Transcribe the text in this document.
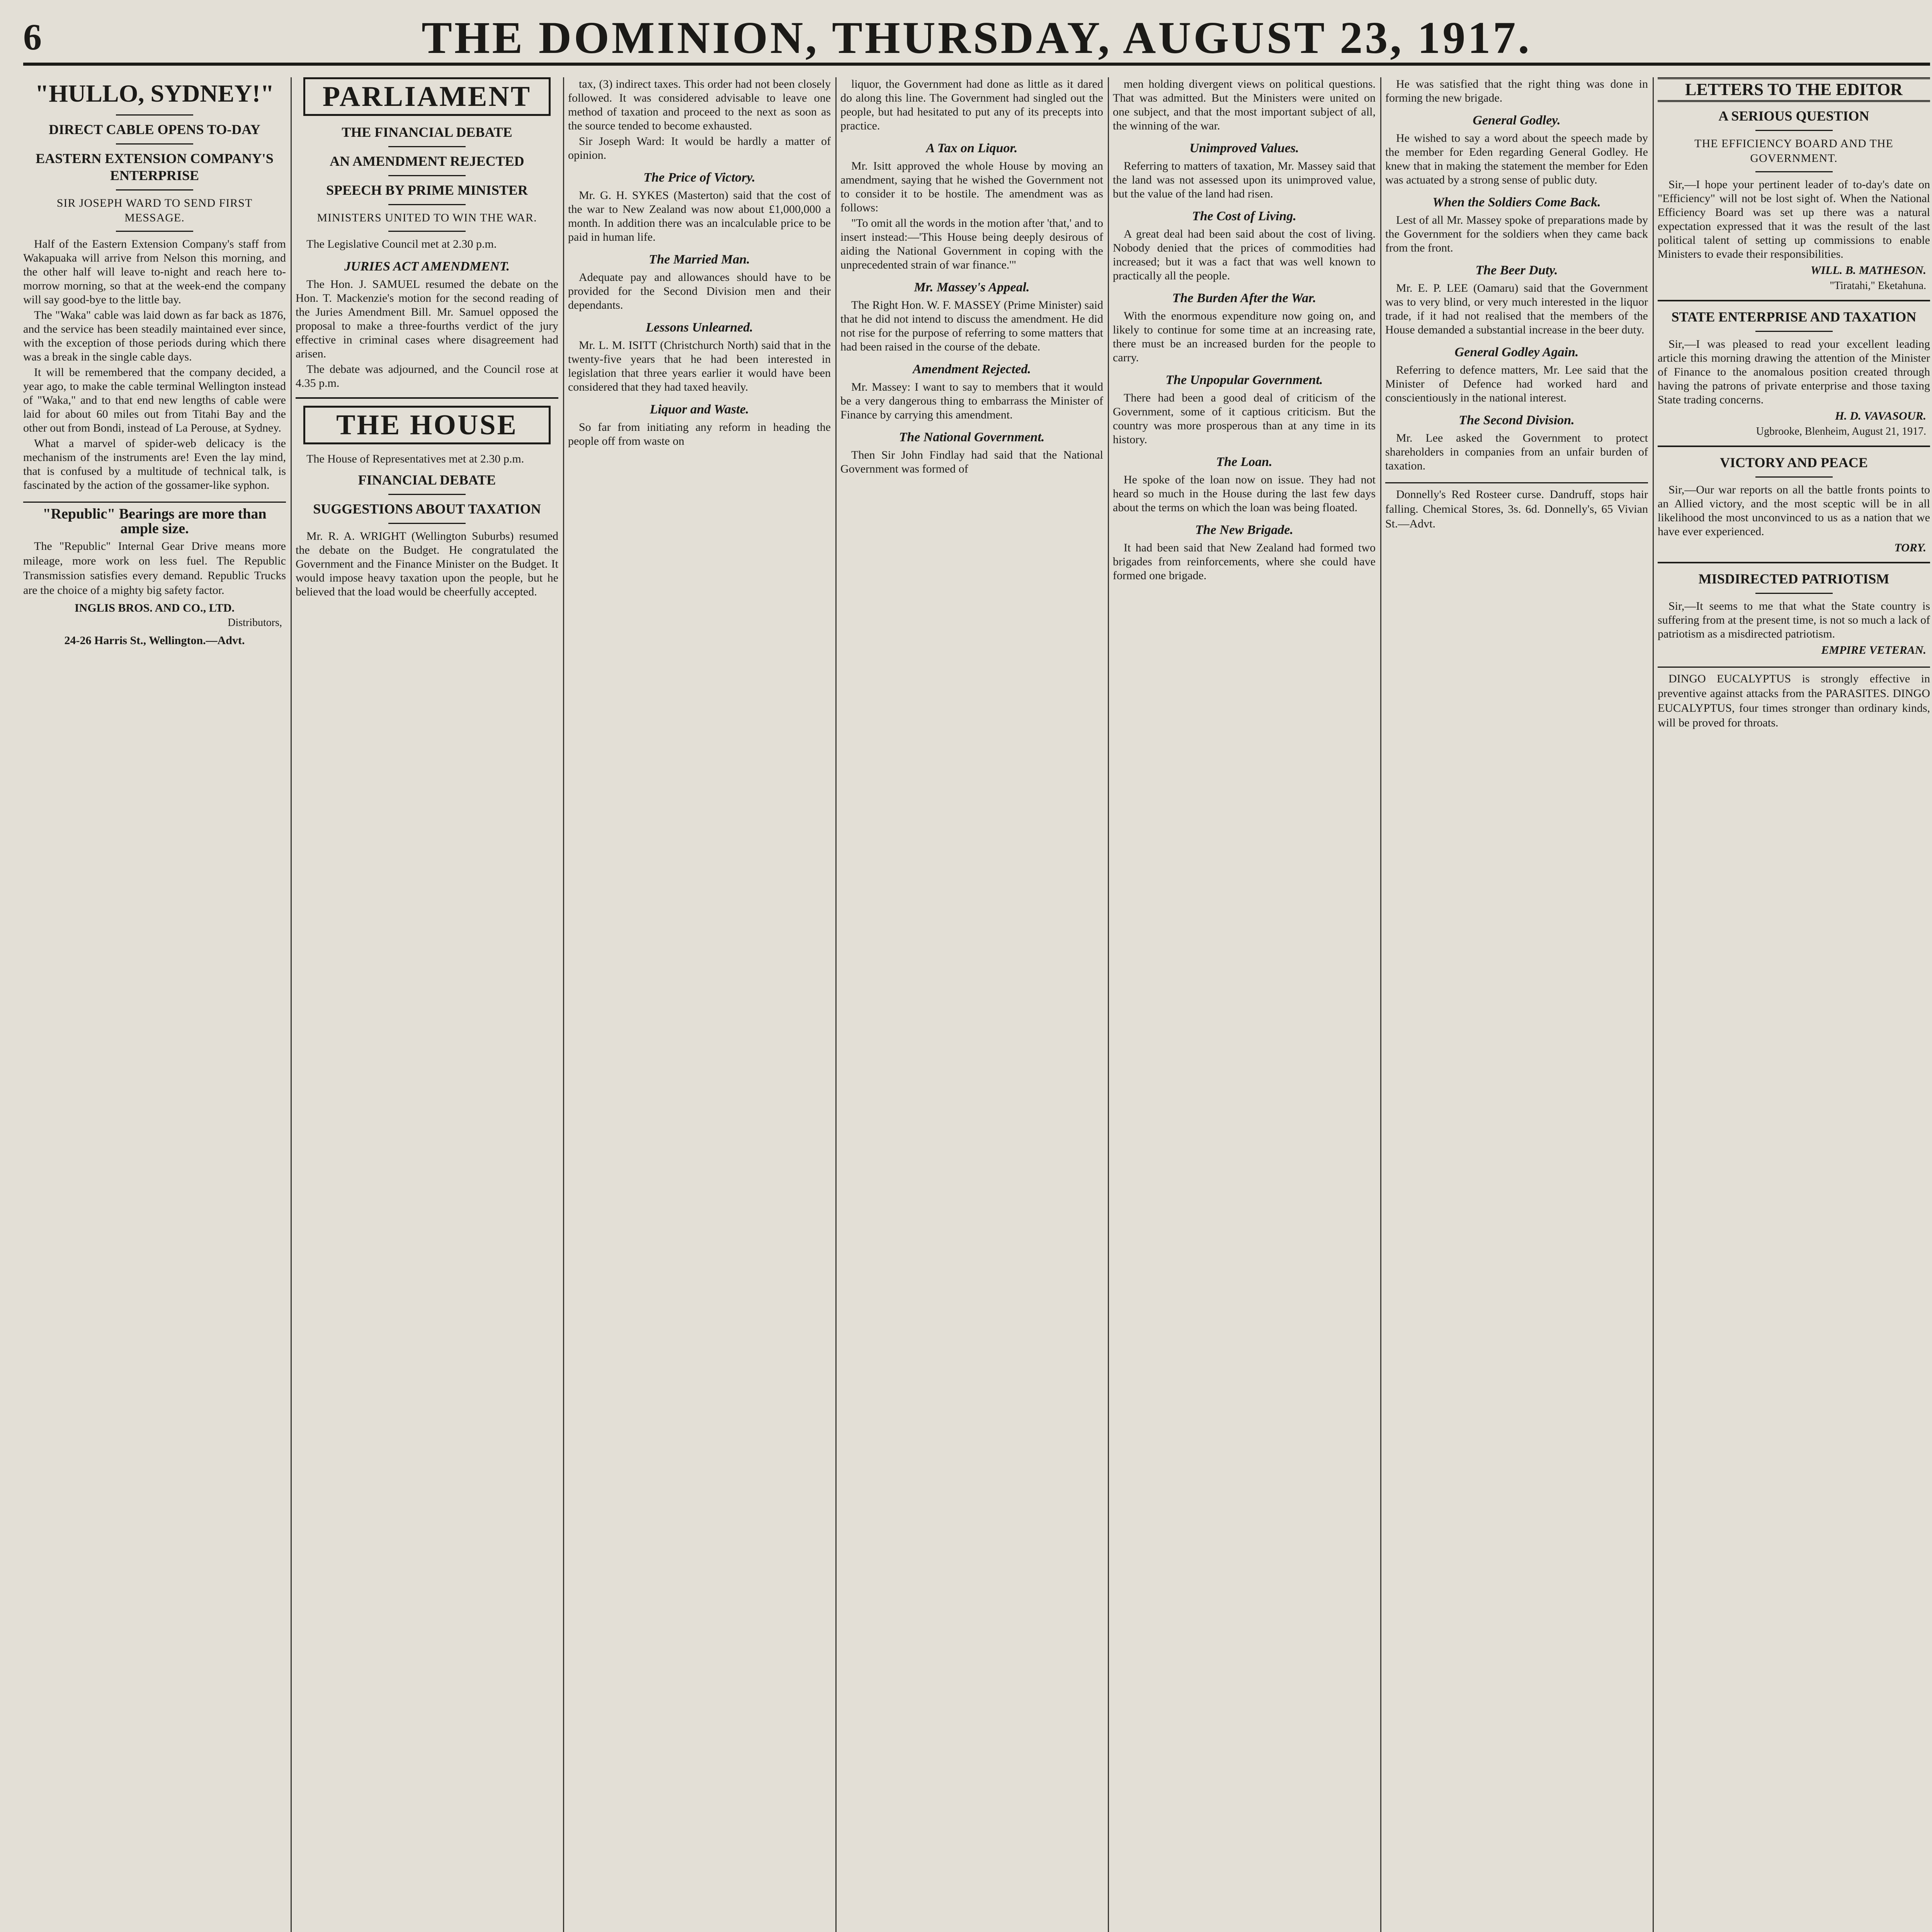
6	THE DOMINION, THURSDAY, AUGUST 23, 1917.
"HULLO, SYDNEY!"
DIRECT CABLE OPENS TO-DAY
EASTERN EXTENSION COMPANY'S ENTERPRISE
SIR JOSEPH WARD TO SEND FIRST MESSAGE.

Half of the Eastern Extension Company's staff from Wakapuaka will arrive from Nelson this morning, and the other half will leave to-night and reach here to-morrow morning, so that at the week-end the company will say good-bye to the little bay.

The "Waka" cable was laid down as far back as 1876, and the service has been steadily maintained ever since, with the exception of those periods during which there was a break in the single cable days.

It will be remembered that the company decided, a year ago, to make the cable terminal Wellington instead of "Waka," and to that end new lengths of cable were laid for about 60 miles out from Titahi Bay and the other out from Bondi, instead of La Perouse, at Sydney.

What a marvel of spider-web delicacy is the mechanism of the instruments are! Even the lay mind, that is confused by a multitude of technical talk, is fascinated by the action of the gossamer-like syphon.

"Republic" Bearings are more than ample size.

The "Republic" Internal Gear Drive means more mileage, more work on less fuel. The Republic Transmission satisfies every demand. Republic Trucks are the choice of a mighty big safety factor.

INGLIS BROS. AND CO., LTD.
Distributors,
24-26 Harris St., Wellington.—Advt.
PARLIAMENT
THE FINANCIAL DEBATE
AN AMENDMENT REJECTED
SPEECH BY PRIME MINISTER
MINISTERS UNITED TO WIN THE WAR.

The Legislative Council met at 2.30 p.m.

JURIES ACT AMENDMENT.

The Hon. J. SAMUEL resumed the debate on the Hon. T. Mackenzie's motion for the second reading of the Juries Amendment Bill. Mr. Samuel opposed the proposal to make a three-fourths verdict of the jury effective in criminal cases where disagreement had arisen.

The debate was adjourned, and the Council rose at 4.35 p.m.

THE HOUSE

The House of Representatives met at 2.30 p.m.

FINANCIAL DEBATE
SUGGESTIONS ABOUT TAXATION

Mr. R. A. WRIGHT (Wellington Suburbs) resumed the debate on the Budget. He congratulated the Government and the Finance Minister on the Budget. It would impose heavy taxation upon the people, but he believed that the load would be cheerfully accepted.

tax, (3) indirect taxes. This order had not been closely followed. It was considered advisable to leave one method of taxation and proceed to the next as soon as the source tended to become exhausted.

Sir Joseph Ward: It would be hardly a matter of opinion.

The Price of Victory.

Mr. G. H. SYKES (Masterton) said that the cost of the war to New Zealand was now about £1,000,000 a month. In addition there was an incalculable price to be paid in human life.

The Married Man.

Adequate pay and allowances should have to be provided for the Second Division men and their dependants.

Lessons Unlearned.

Mr. L. M. ISITT (Christchurch North) said that in the twenty-five years that he had been interested in legislation that three years earlier it would have been considered that they had taxed heavily.

Liquor and Waste.

So far from initiating any reform in heading the people off from waste on

liquor, the Government had done as little as it dared do along this line. The Government had singled out the people, but had hesitated to put any of its precepts into practice.

A Tax on Liquor.

Mr. Isitt approved the whole House by moving an amendment, saying that he wished the Government not to consider it to be hostile. The amendment was as follows:

"To omit all the words in the motion after 'that,' and to insert instead:—'This House being deeply desirous of aiding the National Government in coping with the unprecedented strain of war finance.'"

Mr. Massey's Appeal.

The Right Hon. W. F. MASSEY (Prime Minister) said that he did not intend to discuss the amendment. He did not rise for the purpose of referring to some matters that had been raised in the course of the debate.

Amendment Rejected.

Mr. Massey: I want to say to members that it would be a very dangerous thing to embarrass the Minister of Finance by carrying this amendment.

The National Government.

Then Sir John Findlay had said that the National Government was formed of

men holding divergent views on political questions. That was admitted. But the Ministers were united on one subject, and that the most important subject of all, the winning of the war.

Unimproved Values.

Referring to matters of taxation, Mr. Massey said that the land was not assessed upon its unimproved value, but the value of the land had risen.

The Cost of Living.

A great deal had been said about the cost of living. Nobody denied that the prices of commodities had increased; but it was a fact that was well known to practically all the people.

The Burden After the War.

With the enormous expenditure now going on, and likely to continue for some time at an increasing rate, there must be an increased burden for the people to carry.

The Unpopular Government.

There had been a good deal of criticism of the Government, some of it captious criticism. But the country was more prosperous than at any time in its history.

The Loan.

He spoke of the loan now on issue. They had not heard so much in the House during the last few days about the terms on which the loan was being floated.

The New Brigade.

It had been said that New Zealand had formed two brigades from reinforcements, where she could have formed one brigade.

He was satisfied that the right thing was done in forming the new brigade.

General Godley.

He wished to say a word about the speech made by the member for Eden regarding General Godley. He knew that in making the statement the member for Eden was actuated by a strong sense of public duty.

When the Soldiers Come Back.

Lest of all Mr. Massey spoke of preparations made by the Government for the soldiers when they came back from the front.

The Beer Duty.

Mr. E. P. LEE (Oamaru) said that the Government was to very blind, or very much interested in the liquor trade, if it had not realised that the members of the House demanded a substantial increase in the beer duty.

General Godley Again.

Referring to defence matters, Mr. Lee said that the Minister of Defence had worked hard and conscientiously in the national interest.

The Second Division.

Mr. Lee asked the Government to protect shareholders in companies from an unfair burden of taxation.

Donnelly's Red Rosteer curse. Dandruff, stops hair falling. Chemical Stores, 3s. 6d. Donnelly's, 65 Vivian St.—Advt.

LETTERS TO THE EDITOR
A SERIOUS QUESTION
THE EFFICIENCY BOARD AND THE GOVERNMENT.

Sir,—I hope your pertinent leader of to-day's date on "Efficiency" will not be lost sight of. When the National Efficiency Board was set up there was a natural expectation expressed that it was the result of the last political talent of setting up commissions to enable Ministers to evade their responsibilities.

WILL. B. MATHESON.
"Tiratahi," Eketahuna.
STATE ENTERPRISE AND TAXATION

Sir,—I was pleased to read your excellent leading article this morning drawing the attention of the Minister of Finance to the anomalous position created through having the patrons of private enterprise and those taxing State trading concerns.

H. D. VAVASOUR.
Ugbrooke, Blenheim, August 21, 1917.
VICTORY AND PEACE

Sir,—Our war reports on all the battle fronts points to an Allied victory, and the most sceptic will be in all likelihood the most unconvinced to us as a nation that we have ever experienced.

TORY.
MISDIRECTED PATRIOTISM

Sir,—It seems to me that what the State country is suffering from at the present time, is not so much a lack of patriotism as a misdirected patriotism.

EMPIRE VETERAN.

DINGO EUCALYPTUS is strongly effective in preventive against attacks from the PARASITES. DINGO EUCALYPTUS, four times stronger than ordinary kinds, will be proved for throats.
